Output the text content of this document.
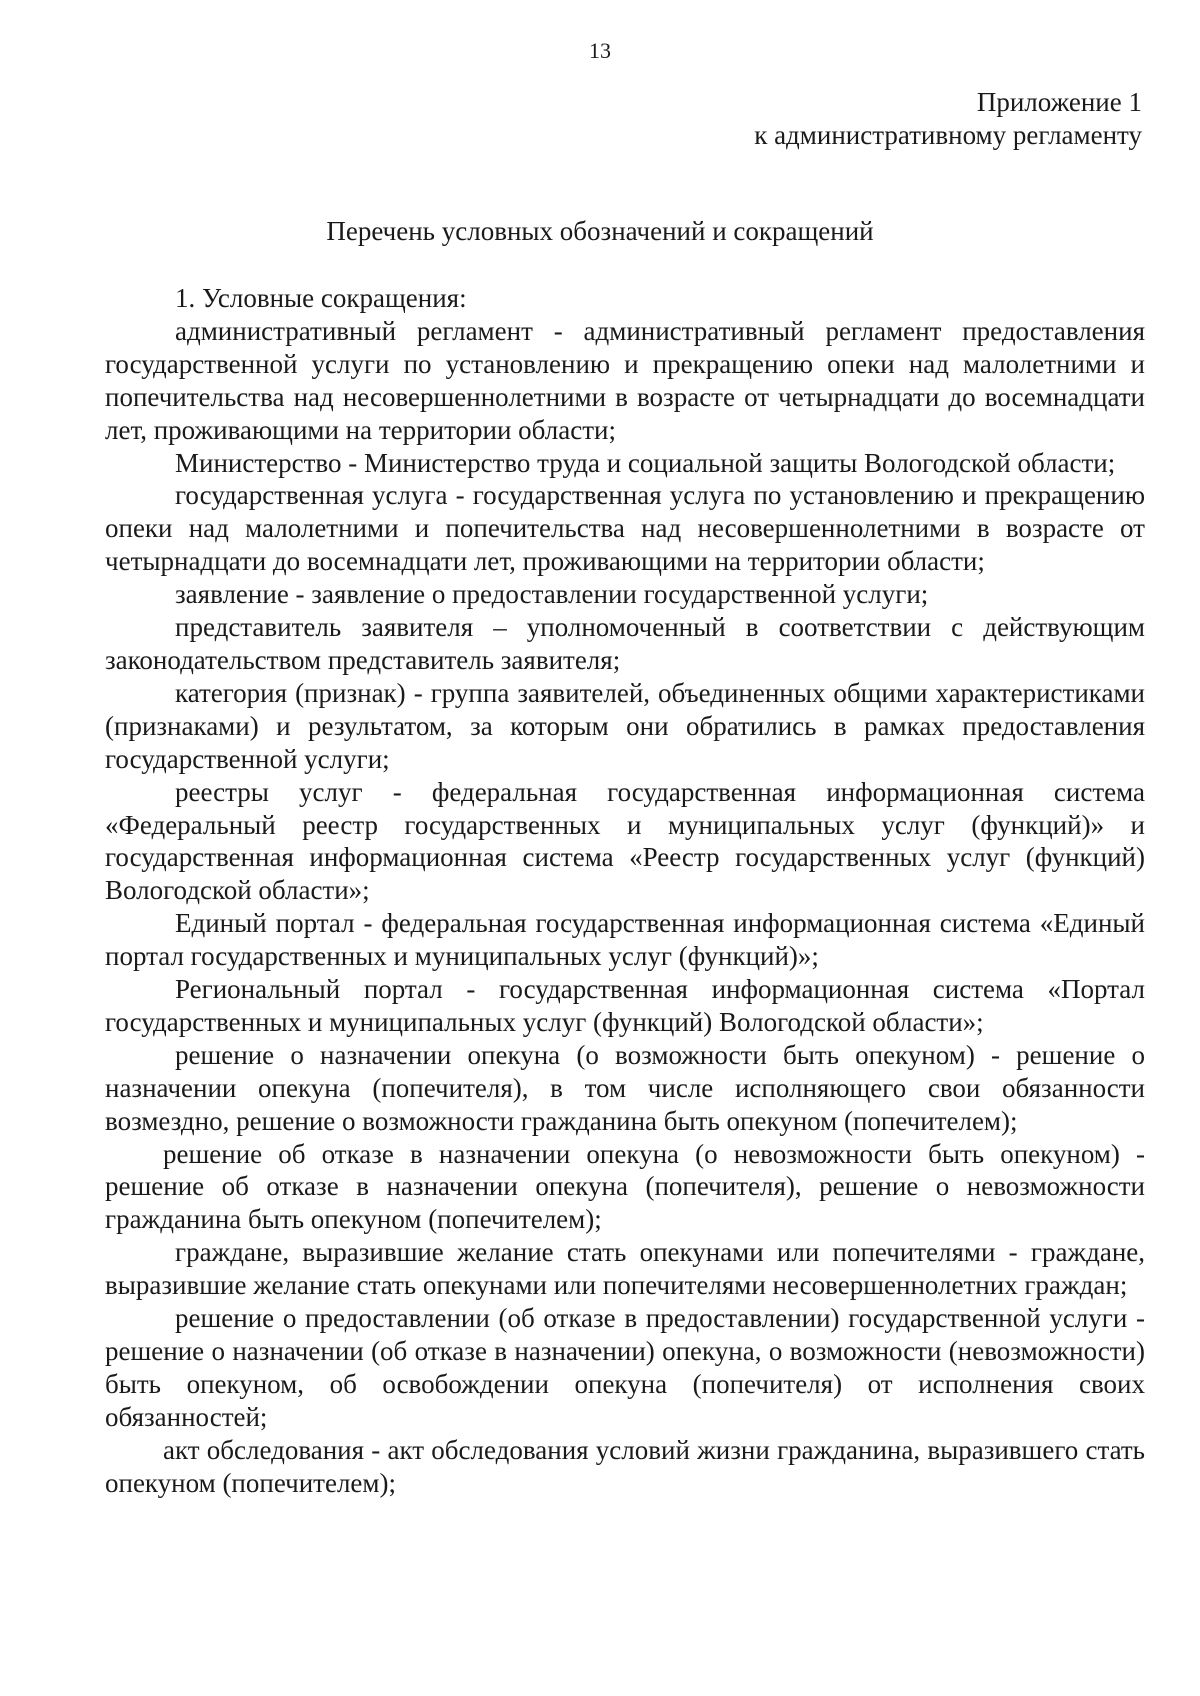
13
Приложение 1
к административному регламенту
Перечень условных обозначений и сокращений

1. Условные сокращения:

административный регламент - административный регламент предоставления государственной услуги по установлению и прекращению опеки над малолетними и попечительства над несовершеннолетними в возрасте от четырнадцати до восемнадцати лет, проживающими на территории области;

Министерство - Министерство труда и социальной защиты Вологодской области;

государственная услуга - государственная услуга по установлению и прекращению опеки над малолетними и попечительства над несовершеннолетними в возрасте от четырнадцати до восемнадцати лет, проживающими на территории области;

заявление - заявление о предоставлении государственной услуги;

представитель заявителя – уполномоченный в соответствии с действующим законодательством представитель заявителя;

категория (признак) - группа заявителей, объединенных общими характеристиками (признаками) и результатом, за которым они обратились в рамках предоставления государственной услуги;

реестры услуг - федеральная государственная информационная система «Федеральный реестр государственных и муниципальных услуг (функций)» и государственная информационная система «Реестр государственных услуг (функций) Вологодской области»;

Единый портал - федеральная государственная информационная система «Единый портал государственных и муниципальных услуг (функций)»;

Региональный портал - государственная информационная система «Портал государственных и муниципальных услуг (функций) Вологодской области»;

решение о назначении опекуна (о возможности быть опекуном) - решение о назначении опекуна (попечителя), в том числе исполняющего свои обязанности возмездно, решение о возможности гражданина быть опекуном (попечителем);

решение об отказе в назначении опекуна (о невозможности быть опекуном) - решение об отказе в назначении опекуна (попечителя), решение о невозможности гражданина быть опекуном (попечителем);

граждане, выразившие желание стать опекунами или попечителями - граждане, выразившие желание стать опекунами или попечителями несовершеннолетних граждан;

решение о предоставлении (об отказе в предоставлении) государственной услуги - решение о назначении (об отказе в назначении) опекуна, о возможности (невозможности) быть опекуном, об освобождении опекуна (попечителя) от исполнения своих обязанностей;

акт обследования - акт обследования условий жизни гражданина, выразившего стать опекуном (попечителем);
